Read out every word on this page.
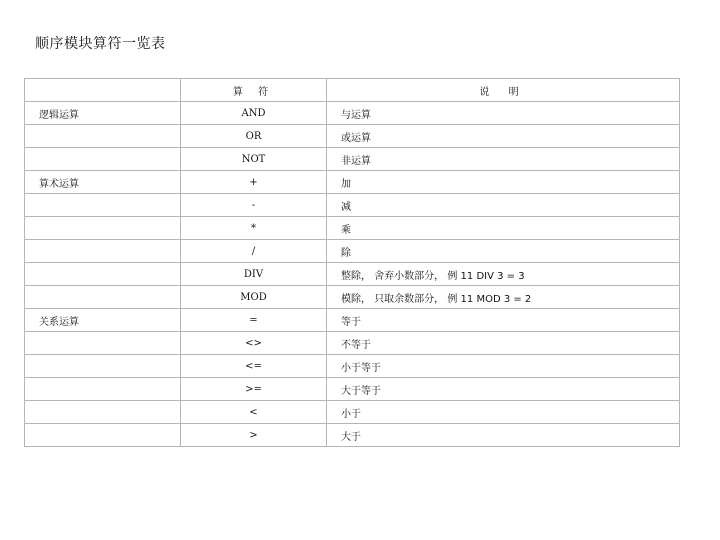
顺序模块算符一览表
	算 符	说 明
逻辑运算	AND	与运算
	OR	或运算
	NOT	非运算
算术运算	+	加
	-	减
	*	乘
	/	除
	DIV	整除， 舍弃小数部分， 例 11 DIV 3 = 3
	MOD	模除， 只取余数部分， 例 11 MOD 3 = 2
关系运算	=	等于
	<>	不等于
	<=	小于等于
	>=	大于等于
	<	小于
	>	大于
